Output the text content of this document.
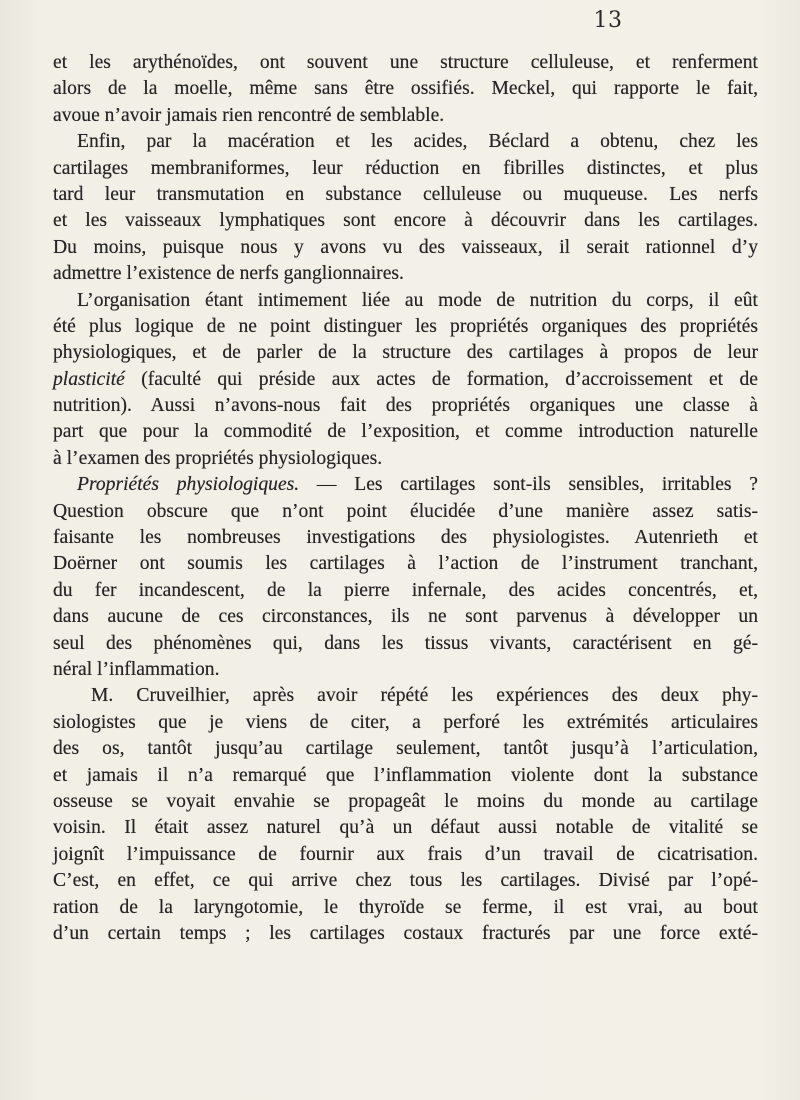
13
et les arythénoïdes, ont souvent une structure celluleuse, et renferment
alors de la moelle, même sans être ossifiés. Meckel, qui rapporte le fait,
avoue n’avoir jamais rien rencontré de semblable.
Enfin, par la macération et les acides, Béclard a obtenu, chez les
cartilages membraniformes, leur réduction en fibrilles distinctes, et plus
tard leur transmutation en substance celluleuse ou muqueuse. Les nerfs
et les vaisseaux lymphatiques sont encore à découvrir dans les cartilages.
Du moins, puisque nous y avons vu des vaisseaux, il serait rationnel d’y
admettre l’existence de nerfs ganglionnaires.
L’organisation étant intimement liée au mode de nutrition du corps, il eût
été plus logique de ne point distinguer les propriétés organiques des propriétés
physiologiques, et de parler de la structure des cartilages à propos de leur
plasticité (faculté qui préside aux actes de formation, d’accroissement et de
nutrition). Aussi n’avons-nous fait des propriétés organiques une classe à
part que pour la commodité de l’exposition, et comme introduction naturelle
à l’examen des propriétés physiologiques.
Propriétés physiologiques. — Les cartilages sont-ils sensibles, irritables ?
Question obscure que n’ont point élucidée d’une manière assez satis-
faisante les nombreuses investigations des physiologistes. Autenrieth et
Doërner ont soumis les cartilages à l’action de l’instrument tranchant,
du fer incandescent, de la pierre infernale, des acides concentrés, et,
dans aucune de ces circonstances, ils ne sont parvenus à développer un
seul des phénomènes qui, dans les tissus vivants, caractérisent en gé-
néral l’inflammation.
M. Cruveilhier, après avoir répété les expériences des deux phy-
siologistes que je viens de citer, a perforé les extrémités articulaires
des os, tantôt jusqu’au cartilage seulement, tantôt jusqu’à l’articulation,
et jamais il n’a remarqué que l’inflammation violente dont la substance
osseuse se voyait envahie se propageât le moins du monde au cartilage
voisin. Il était assez naturel qu’à un défaut aussi notable de vitalité se
joignît l’impuissance de fournir aux frais d’un travail de cicatrisation.
C’est, en effet, ce qui arrive chez tous les cartilages. Divisé par l’opé-
ration de la laryngotomie, le thyroïde se ferme, il est vrai, au bout
d’un certain temps ; les cartilages costaux fracturés par une force exté-
